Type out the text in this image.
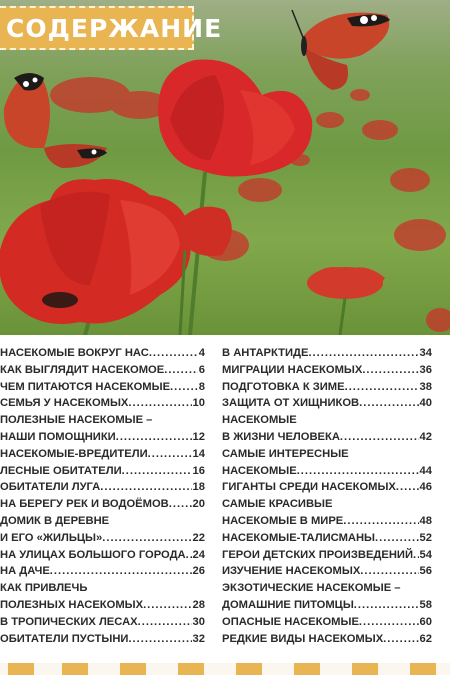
СОДЕРЖАНИЕ
НАСЕКОМЫЕ ВОКРУГ НАС .....	4
КАК ВЫГЛЯДИТ НАСЕКОМОЕ .....	6
ЧЕМ ПИТАЮТСЯ НАСЕКОМЫЕ .....	8
СЕМЬЯ У НАСЕКОМЫХ .....	10
ПОЛЕЗНЫЕ НАСЕКОМЫЕ –
НАШИ ПОМОЩНИКИ .....	12
НАСЕКОМЫЕ-ВРЕДИТЕЛИ .....	14
ЛЕСНЫЕ ОБИТАТЕЛИ .....	16
ОБИТАТЕЛИ ЛУГА .....	18
НА БЕРЕГУ РЕК И ВОДОЁМОВ ..... 20
ДОМИК В ДЕРЕВНЕ
И ЕГО «ЖИЛЬЦЫ» .....	22
НА УЛИЦАХ БОЛЬШОГО ГОРОДА ..... 24
НА ДАЧЕ .....	26
КАК ПРИВЛЕЧЬ
ПОЛЕЗНЫХ НАСЕКОМЫХ .....	28
В ТРОПИЧЕСКИХ ЛЕСАХ .....	30
ОБИТАТЕЛИ ПУСТЫНИ .....	32
В АНТАРКТИДЕ .....	34
МИГРАЦИИ НАСЕКОМЫХ .....	36
ПОДГОТОВКА К ЗИМЕ .....	38
ЗАЩИТА ОТ ХИЩНИКОВ .....	40
НАСЕКОМЫЕ
В ЖИЗНИ ЧЕЛОВЕКА .....	42
САМЫЕ ИНТЕРЕСНЫЕ
НАСЕКОМЫЕ .....	44
ГИГАНТЫ СРЕДИ НАСЕКОМЫХ ..... 46
САМЫЕ КРАСИВЫЕ
НАСЕКОМЫЕ В МИРЕ .....	48
НАСЕКОМЫЕ-ТАЛИСМАНЫ .....	52
ГЕРОИ ДЕТСКИХ ПРОИЗВЕДЕНИЙ ..... 54
ИЗУЧЕНИЕ НАСЕКОМЫХ .....	56
ЭКЗОТИЧЕСКИЕ НАСЕКОМЫЕ –
ДОМАШНИЕ ПИТОМЦЫ .....	58
ОПАСНЫЕ НАСЕКОМЫЕ .....	60
РЕДКИЕ ВИДЫ НАСЕКОМЫХ .....	62
